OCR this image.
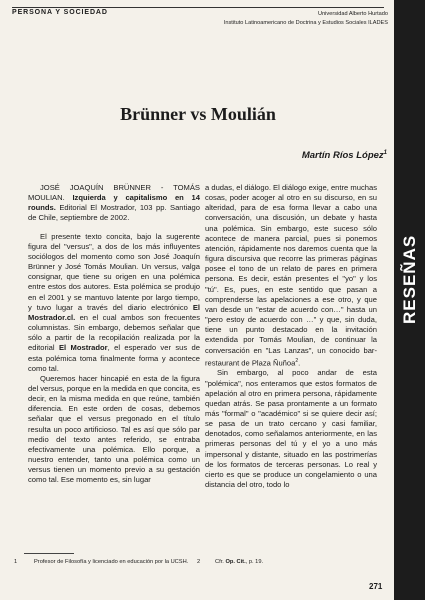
PERSONA Y SOCIEDAD	Universidad Alberto Hurtado
Instituto Latinoamericano de Doctrina y Estudios Sociales ILADES
RESEÑAS
Brünner vs Moulián
Martín Ríos López$^1$

JOSÉ JOAQUÍN BRÜNNER - TOMÁS MOULIAN. Izquierda y capitalismo en 14 rounds. Editorial El Mostrador, 103 pp. Santiago de Chile, septiembre de 2002.

El presente texto concita, bajo la sugerente figura del "versus", a dos de los más influyentes sociólogos del momento como son José Joaquín Brünner y José Tomás Moulian. Un versus, valga consignar, que tiene su origen en una polémica entre estos dos autores. Esta polémica se produjo en el 2001 y se mantuvo latente por largo tiempo, y tuvo lugar a través del diario electrónico El Mostrador.cl. en el cual ambos son frecuentes columnistas. Sin embargo, debemos señalar que sólo a partir de la recopilación realizada por la editorial El Mostrador, el esperado ver sus de esta polémica toma finalmente forma y acontece como tal.

Queremos hacer hincapié en esta de la figura del versus, porque en la medida en que concita, es decir, en la misma medida en que reúne, también diferencia. En este orden de cosas, debemos señalar que el versus pregonado en el título resulta un poco artificioso. Tal es así que sólo par medio del texto antes referido, se entraba efectivamente una polémica. Ello porque, a nuestro entender, tanto una polémica como un versus tienen un momento previo a su gestación como tal. Ese momento es, sin lugar

a dudas, el diálogo. El diálogo exige, entre muchas cosas, poder acoger al otro en su discurso, en su alteridad, para de esa forma llevar a cabo una conversación, una discusión, un debate y hasta una polémica. Sin embargo, este suceso sólo acontece de manera parcial, pues si ponemos atención, rápidamente nos daremos cuenta que la figura discursiva que recorre las primeras páginas posee el tono de un relato de pares en primera persona. Es decir, están presentes el "yo" y los "tú". Es, pues, en este sentido que pasan a comprenderse las apelaciones a ese otro, y que van desde un "estar de acuerdo con…" hasta un "pero estoy de acuerdo con …" y que, sin duda, tiene un punto destacado en la invitación extendida por Tomás Moulian, de continuar la conversación en "Las Lanzas", un conocido bar-restaurant de Plaza Ñuñoa$^2$.

Sin embargo, al poco andar de esta "polémica", nos enteramos que estos formatos de apelación al otro en primera persona, rápidamente quedan atrás. Se pasa prontamente a un formato más "formal" o "académico" si se quiere decir así; se pasa de un trato cercano y casi familiar, denotados, como señalamos anteriormente, en las primeras personas del tú y el yo a uno más impersonal y distante, situado en las postrimerías de los formatos de terceras personas. Lo real y cierto es que se produce un congelamiento o una distancia del otro, todo lo

1	Profesor de Filosofía y licenciado en educación por la UCSH.	2	Cfr. Op. Cit., p. 19.
271
